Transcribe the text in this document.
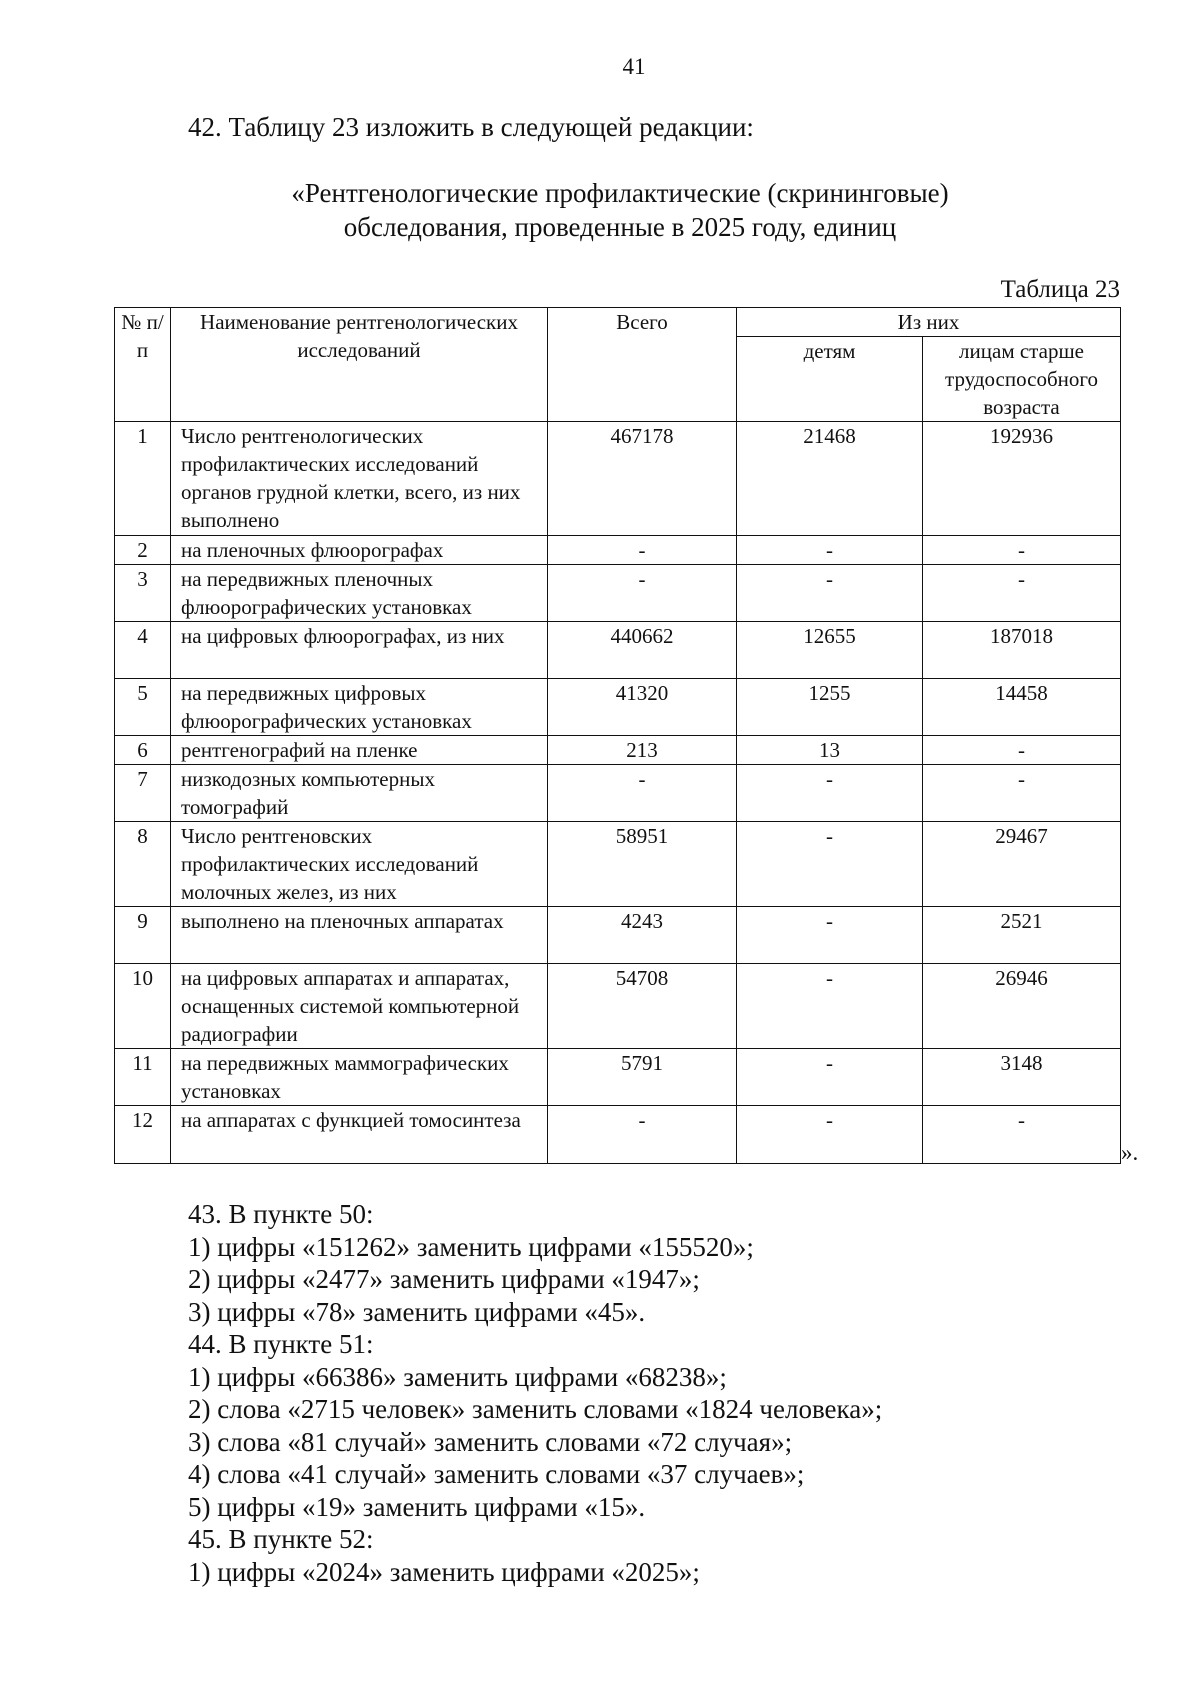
41
42. Таблицу 23 изложить в следующей редакции:
«Рентгенологические профилактические (скрининговые)
обследования, проведенные в 2025 году, единиц
Таблица 23
№ п/п	Наименование рентгенологических исследований	Всего	Из них	
			детям	лицам старше трудоспособного возраста
1	Число рентгенологических профилактических исследований органов грудной клетки, всего, из них выполнено	467178	21468	192936
2	на пленочных флюорографах	-	-	-
3	на передвижных пленочных флюорографических установках	-	-	-
4	на цифровых флюорографах, из них	440662	12655	187018
5	на передвижных цифровых флюорографических установках	41320	1255	14458
6	рентгенографий на пленке	213	13	-
7	низкодозных компьютерных томографий	-	-	-
8	Число рентгеновских профилактических исследований молочных желез, из них	58951	-	29467
9	выполнено на пленочных аппаратах	4243	-	2521
10	на цифровых аппаратах и аппаратах, оснащенных системой компьютерной радиографии	54708	-	26946
11	на передвижных маммографических установках	5791	-	3148
12	на аппаратах с функцией томосинтеза	-	-	-
».
43. В пункте 50:
1) цифры «151262» заменить цифрами «155520»;
2) цифры «2477» заменить цифрами «1947»;
3) цифры «78» заменить цифрами «45».
44. В пункте 51:
1) цифры «66386» заменить цифрами «68238»;
2) слова «2715 человек» заменить словами «1824 человека»;
3) слова «81 случай» заменить словами «72 случая»;
4) слова «41 случай» заменить словами «37 случаев»;
5) цифры «19» заменить цифрами «15».
45. В пункте 52:
1) цифры «2024» заменить цифрами «2025»;
